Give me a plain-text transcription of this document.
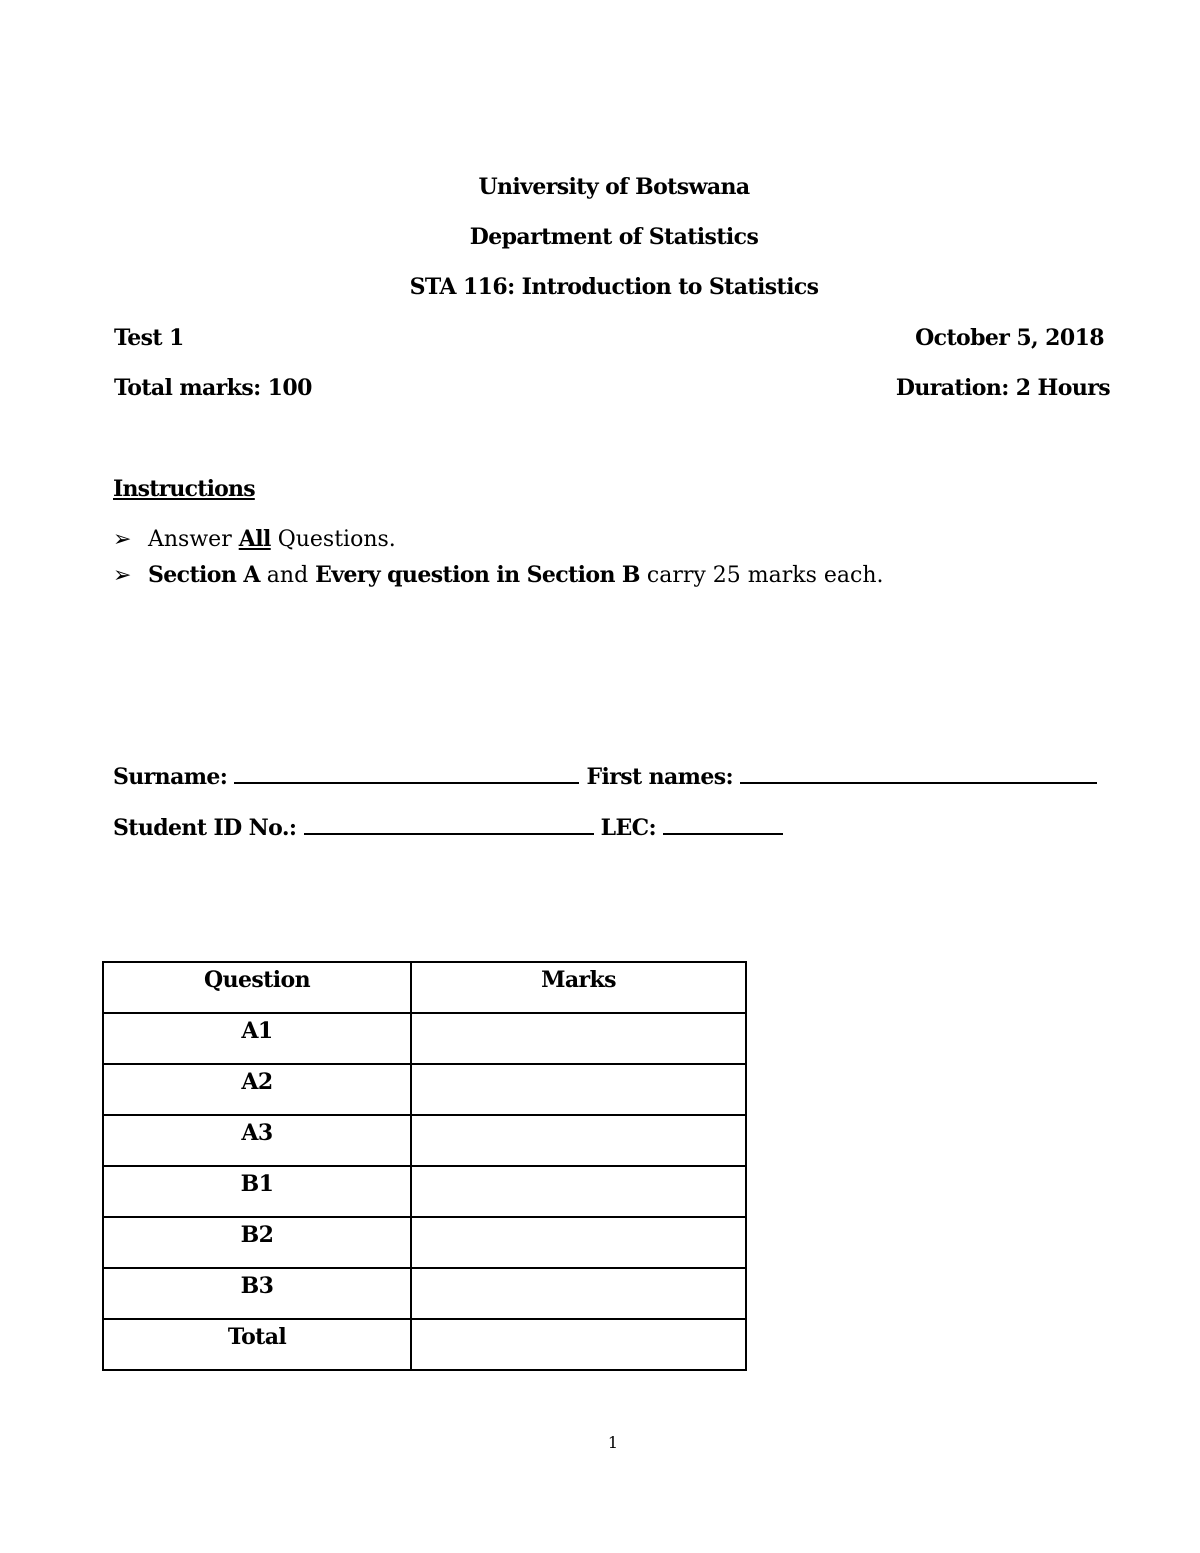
University of Botswana
Department of Statistics
STA 116: Introduction to Statistics
Test 1	October 5, 2018
Total marks: 100	Duration: 2 Hours
Instructions
➢ Answer All Questions.
➢ Section A and Every question in Section B carry 25 marks each.
Surname:	First names:
Student ID No.:	LEC:
Question	Marks
A1	
A2	
A3	
B1	
B2	
B3	
Total	
1
